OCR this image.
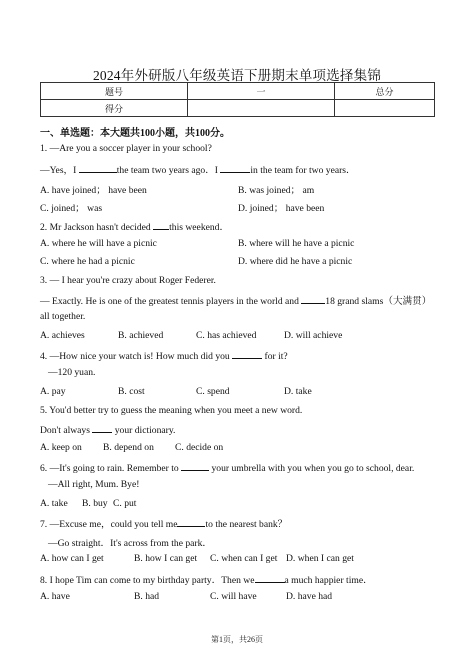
2024年外研版八年级英语下册期末单项选择集锦
题号	一	总分
得分		
一、单选题：本大题共100小题，共100分。
1. —Are you a soccer player in your school?
—Yes，I	the team two years ago．I	in the team for two years．
A. have joined； have been	B. was joined； am
C. joined； was	D. joined； have been
2. Mr Jackson hasn't decided this weekend．
A. where he will have a picnic	B. where will he have a picnic
C. where he had a picnic	D. where did he have a picnic
3. — I hear you're crazy about Roger Federer.
— Exactly. He is one of the greatest tennis players in the world and	18 grand slams（大满贯）
all together.
A. achieves	B. achieved	C. has achieved	D. will achieve
4. —How nice your watch is! How much did you	for it?
—120 yuan.
A. pay	B. cost	C. spend	D. take
5. You'd better try to guess the meaning when you meet a new word.
Don't always  your dictionary.
A. keep on B. depend on C. decide on
6. —It's going to rain. Remember to	your umbrella with you when you go to school, dear.
—All right, Mum. Bye!
A. take B. buy C. put
7. —Excuse me，could you tell me	to the nearest bank？
—Go straight．It's across from the park．
A. how can I get	B. how I can get C. when can I get D. when I can get
8. I hope Tim can come to my birthday party．Then we	a much happier time．
A. have	B. had	C. will have	D. have had
第1页，共26页
